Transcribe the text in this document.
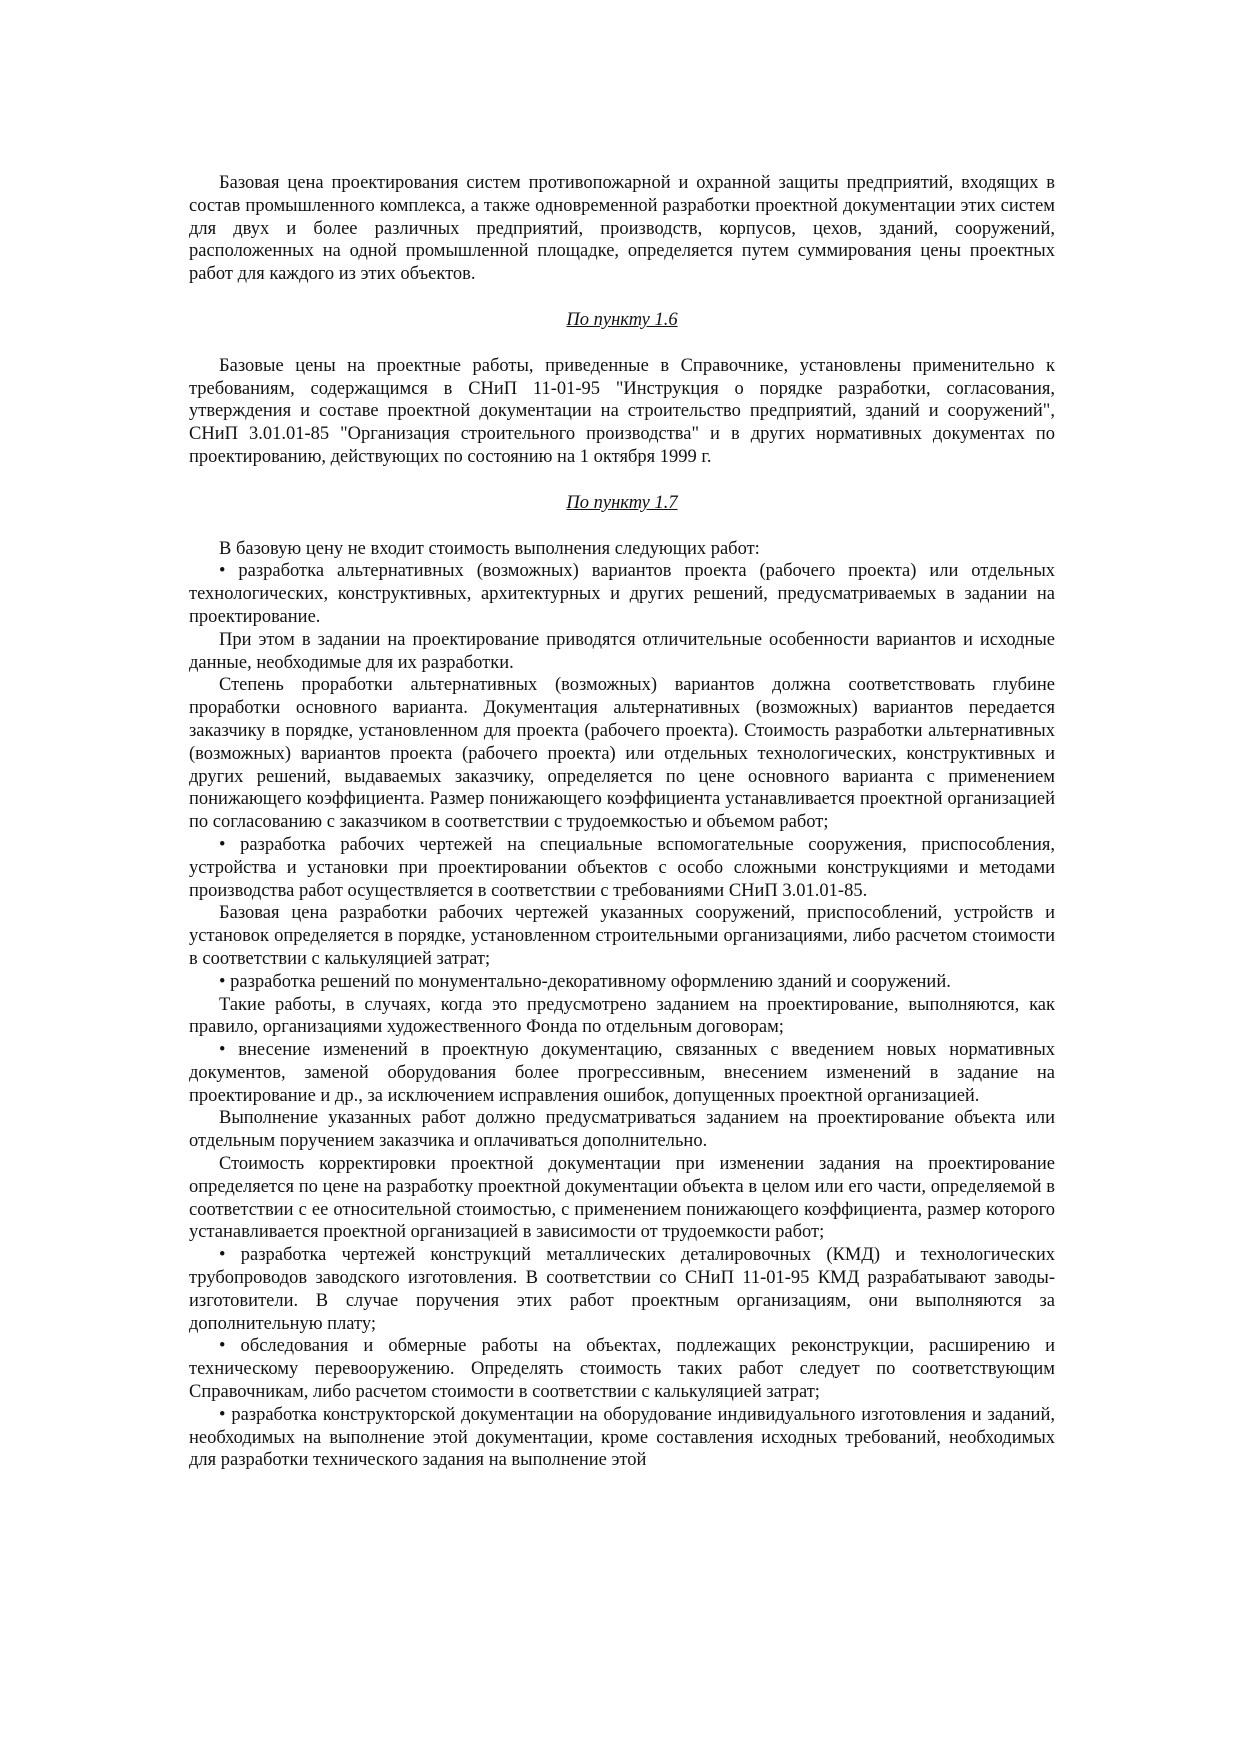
Базовая цена проектирования систем противопожарной и охранной защиты предприятий, входящих в состав промышленного комплекса, а также одновременной разработки проектной документации этих систем для двух и более различных предприятий, производств, корпусов, цехов, зданий, сооружений, расположенных на одной промышленной площадке, определяется путем суммирования цены проектных работ для каждого из этих объектов.

По пункту 1.6

Базовые цены на проектные работы, приведенные в Справочнике, установлены применительно к требованиям, содержащимся в СНиП 11-01-95 "Инструкция о порядке разработки, согласования, утверждения и составе проектной документации на строительство предприятий, зданий и сооружений", СНиП 3.01.01-85 "Организация строительного производства" и в других нормативных документах по проектированию, действующих по состоянию на 1 октября 1999 г.

По пункту 1.7

В базовую цену не входит стоимость выполнения следующих работ:

• разработка альтернативных (возможных) вариантов проекта (рабочего проекта) или отдельных технологических, конструктивных, архитектурных и других решений, предусматриваемых в задании на проектирование.

При этом в задании на проектирование приводятся отличительные особенности вариантов и исходные данные, необходимые для их разработки.

Степень проработки альтернативных (возможных) вариантов должна соответствовать глубине проработки основного варианта. Документация альтернативных (возможных) вариантов передается заказчику в порядке, установленном для проекта (рабочего проекта). Стоимость разработки альтернативных (возможных) вариантов проекта (рабочего проекта) или отдельных технологических, конструктивных и других решений, выдаваемых заказчику, определяется по цене основного варианта с применением понижающего коэффициента. Размер понижающего коэффициента устанавливается проектной организацией по согласованию с заказчиком в соответствии с трудоемкостью и объемом работ;

• разработка рабочих чертежей на специальные вспомогательные сооружения, приспособления, устройства и установки при проектировании объектов с особо сложными конструкциями и методами производства работ осуществляется в соответствии с требованиями СНиП 3.01.01-85.

Базовая цена разработки рабочих чертежей указанных сооружений, приспособлений, устройств и установок определяется в порядке, установленном строительными организациями, либо расчетом стоимости в соответствии с калькуляцией затрат;

• разработка решений по монументально-декоративному оформлению зданий и сооружений.

Такие работы, в случаях, когда это предусмотрено заданием на проектирование, выполняются, как правило, организациями художественного Фонда по отдельным договорам;

• внесение изменений в проектную документацию, связанных с введением новых нормативных документов, заменой оборудования более прогрессивным, внесением изменений в задание на проектирование и др., за исключением исправления ошибок, допущенных проектной организацией.

Выполнение указанных работ должно предусматриваться заданием на проектирование объекта или отдельным поручением заказчика и оплачиваться дополнительно.

Стоимость корректировки проектной документации при изменении задания на проектирование определяется по цене на разработку проектной документации объекта в целом или его части, определяемой в соответствии с ее относительной стоимостью, с применением понижающего коэффициента, размер которого устанавливается проектной организацией в зависимости от трудоемкости работ;

• разработка чертежей конструкций металлических деталировочных (КМД) и технологических трубопроводов заводского изготовления. В соответствии со СНиП 11-01-95 КМД разрабатывают заводы-изготовители. В случае поручения этих работ проектным организациям, они выполняются за дополнительную плату;

• обследования и обмерные работы на объектах, подлежащих реконструкции, расширению и техническому перевооружению. Определять стоимость таких работ следует по соответствующим Справочникам, либо расчетом стоимости в соответствии с калькуляцией затрат;

• разработка конструкторской документации на оборудование индивидуального изготовления и заданий, необходимых на выполнение этой документации, кроме составления исходных требований, необходимых для разработки технического задания на выполнение этой
